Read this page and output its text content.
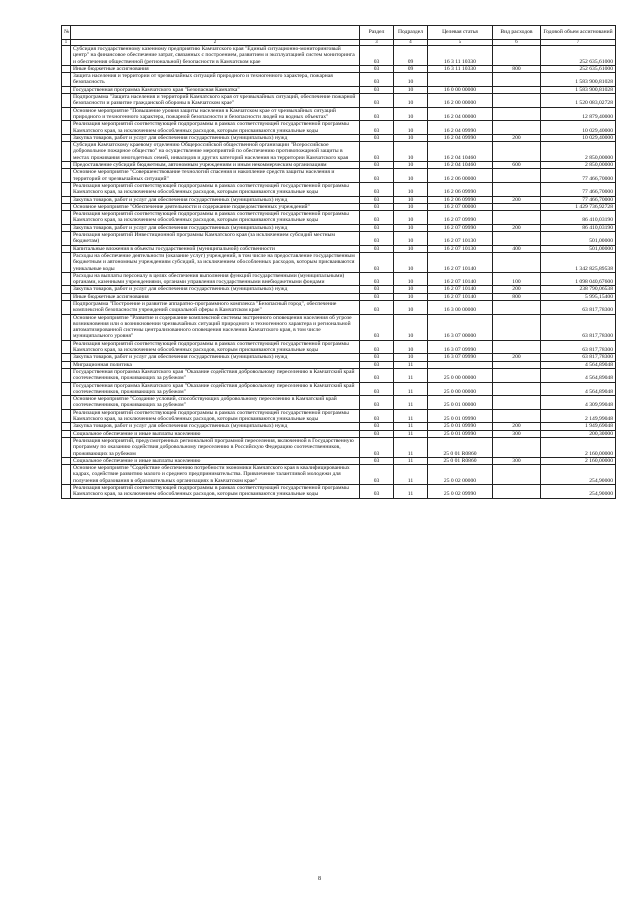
№		Раздел	Подраздел	Целевая статья	Вид расходов	Годовой объем ассигнований
1	2	3	4	5	6	7
	Субсидия государственному казенному предприятию Камчатского края "Единый ситуационно-мониторинговый центр" на финансовое обеспечение затрат, связанных с построением, развитием и эксплуатацией систем мониторинга и обеспечения общественной (региональной) безопасности в Камчатском крае	03	09	16 3 11 10330		252 635,61000
	Иные бюджетные ассигнования	03	09	16 3 11 10330	800	252 635,61000
	Защита населения и территории от чрезвычайных ситуаций природного и техногенного характера, пожарная безопасность	03	10			1 583 900,81028
	Государственная программа Камчатского края "Безопасная Камчатка"	03	10	16 0 00 00000		1 583 900,81028
	Подпрограмма "Защита населения и территорий Камчатского края от чрезвычайных ситуаций, обеспечение пожарной безопасности и развитие гражданской обороны в Камчатском крае"	03	10	16 2 00 00000		1 520 083,02728
	Основное мероприятие "Повышение уровня защиты населения в Камчатском крае от чрезвычайных ситуаций природного и техногенного характера, пожарной безопасности и безопасности людей на водных объектах"	03	10	16 2 04 00000		12 879,40000
	Реализация мероприятий соответствующей подпрограммы в рамках соответствующей государственной программы Камчатского края, за исключением обособленных расходов, которым присваиваются уникальные коды	03	10	16 2 04 09990		10 029,40000
	Закупка товаров, работ и услуг для обеспечения государственных (муниципальных) нужд	03	10	16 2 04 09990	200	10 029,40000
	Субсидия Камчатскому краевому отделению Общероссийской общественной организации "Всероссийское добровольное пожарное общество" на осуществление мероприятий по обеспечению противопожарной защиты в местах проживания многодетных семей, инвалидов и других категорий населения на территории Камчатского края	03	10	16 2 04 10460		2 850,00000
	Предоставление субсидий бюджетным, автономным учреждениям и иным некоммерческим организациям	03	10	16 2 04 10460	600	2 850,00000
	Основное мероприятие "Совершенствование технологий спасения и накопление средств защиты населения и территорий от чрезвычайных ситуаций"	03	10	16 2 06 00000		77 466,70000
	Реализация мероприятий соответствующей подпрограммы в рамках соответствующей государственной программы Камчатского края, за исключением обособленных расходов, которым присваиваются уникальные коды	03	10	16 2 06 09990		77 466,70000
	Закупка товаров, работ и услуг для обеспечения государственных (муниципальных) нужд	03	10	16 2 06 09990	200	77 466,70000
	Основное мероприятие "Обеспечение деятельности и содержание подведомственных учреждений"	03	10	16 2 07 00000		1 429 736,92728
	Реализация мероприятий соответствующей подпрограммы в рамках соответствующей государственной программы Камчатского края, за исключением обособленных расходов, которым присваиваются уникальные коды	03	10	16 2 07 09990		86 410,03190
	Закупка товаров, работ и услуг для обеспечения государственных (муниципальных) нужд	03	10	16 2 07 09990	200	86 410,03190
	Реализация мероприятий Инвестиционной программы Камчатского края (за исключением субсидий местным бюджетам)	03	10	16 2 07 10130		501,00000
	Капитальные вложения в объекты государственной (муниципальной) собственности	03	10	16 2 07 10130	400	501,00000
	Расходы на обеспечение деятельности (оказание услуг) учреждений, в том числе на предоставление государственным бюджетным и автономным учреждениям субсидий, за исключением обособленных расходов, которым присваиваются уникальные коды	03	10	16 2 07 10140		1 342 825,89538
	Расходы на выплаты персоналу в целях обеспечения выполнения функций государственными (муниципальными) органами, казенными учреждениями, органами управления государственными внебюджетными фондами	03	10	16 2 07 10140	100	1 098 040,67600
	Закупка товаров, работ и услуг для обеспечения государственных (муниципальных) нужд	03	10	16 2 07 10140	200	238 790,06538
	Иные бюджетные ассигнования	03	10	16 2 07 10140	800	5 995,15400
	Подпрограмма "Построение и развитие аппаратно-программного комплекса "Безопасный город", обеспечение комплексной безопасности учреждений социальной сферы в Камчатском крае"	03	10	16 3 00 00000		63 817,78300
	Основное мероприятие "Развитие и содержание комплексной системы экстренного оповещения населения об угрозе возникновения или о возникновении чрезвычайных ситуаций природного и техногенного характера и региональной автоматизированной системы централизованного оповещения населения Камчатского края, в том числе муниципального уровня"	03	10	16 3 07 00000		63 817,78300
	Реализация мероприятий соответствующей подпрограммы в рамках соответствующей государственной программы Камчатского края, за исключением обособленных расходов, которым присваиваются уникальные коды	03	10	16 3 07 09990		63 817,78300
	Закупка товаров, работ и услуг для обеспечения государственных (муниципальных) нужд	03	10	16 3 07 09990	200	63 817,78300
	Миграционная политика	03	11			4 564,89048
	Государственная программа Камчатского края "Оказание содействия добровольному переселению в Камчатский край соотечественников, проживающих за рубежом"	03	11	25 0 00 00000		4 564,89048
	Государственная программа Камчатского края "Оказание содействия добровольному переселению в Камчатский край соотечественников, проживающих за рубежом"	03	11	25 0 00 00000		4 564,89048
	Основное мероприятие "Создание условий, способствующих добровольному переселению в Камчатский край соотечественников, проживающих за рубежом"	03	11	25 0 01 00000		4 309,99048
	Реализация мероприятий соответствующей подпрограммы в рамках соответствующей государственной программы Камчатского края, за исключением обособленных расходов, которым присваиваются уникальные коды	03	11	25 0 01 09990		2 149,99048
	Закупка товаров, работ и услуг для обеспечения государственных (муниципальных) нужд	03	11	25 0 01 09990	200	1 949,69048
	Социальное обеспечение и иные выплаты населению	03	11	25 0 01 09990	300	200,30000
	Реализация мероприятий, предусмотренных региональной программой переселения, включенной в Государственную программу по оказанию содействия добровольному переселению в Российскую Федерацию соотечественников, проживающих за рубежом	03	11	25 0 01 R0860		2 160,00000
	Социальное обеспечение и иные выплаты населению	03	11	25 0 01 R0860	300	2 160,00000
	Основное мероприятие "Содействие обеспечению потребности экономики Камчатского края в квалифицированных кадрах, содействие развитию малого и среднего предпринимательства. Привлечение талантливой молодежи для получения образования в образовательных организациях в Камчатском крае"	03	11	25 0 02 00000		254,90000
	Реализация мероприятий соответствующей подпрограммы в рамках соответствующей государственной программы Камчатского края, за исключением обособленных расходов, которым присваиваются уникальные коды	03	11	25 0 02 09990		254,90000
8
